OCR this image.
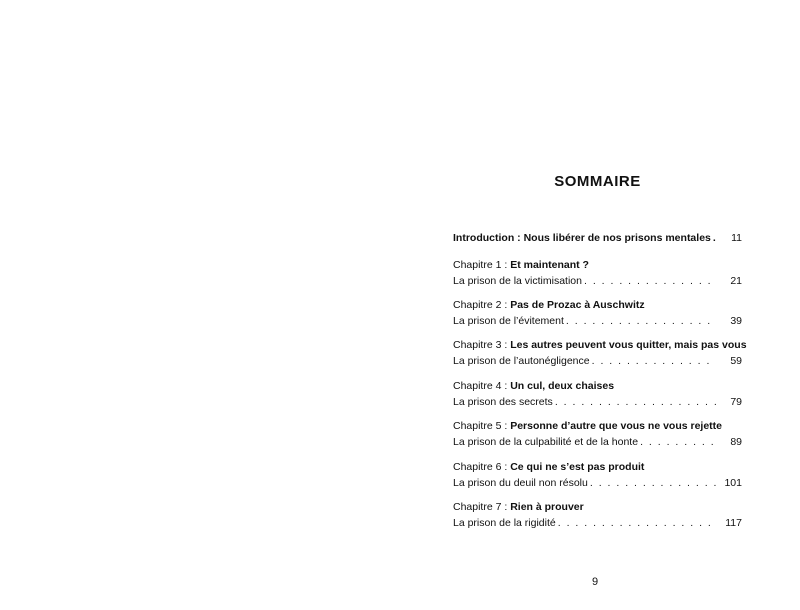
SOMMAIRE
Introduction : Nous libérer de nos prisons mentales . . .	11
Chapitre 1 :
Et maintenant ?
La prison de la victimisation . . .	21
Chapitre 2 :
Pas de Prozac à Auschwitz
La prison de l’évitement . . .	39
Chapitre 3 :
Les autres peuvent vous quitter, mais pas vous
La prison de l’autonégligence . . .	59
Chapitre 4 :
Un cul, deux chaises
La prison des secrets . . .	79
Chapitre 5 :
Personne d’autre que vous ne vous rejette
La prison de la culpabilité et de la honte . . .	89
Chapitre 6 :
Ce qui ne s’est pas produit
La prison du deuil non résolu . . .	101
Chapitre 7 :
Rien à prouver
La prison de la rigidité . . .	117
9
